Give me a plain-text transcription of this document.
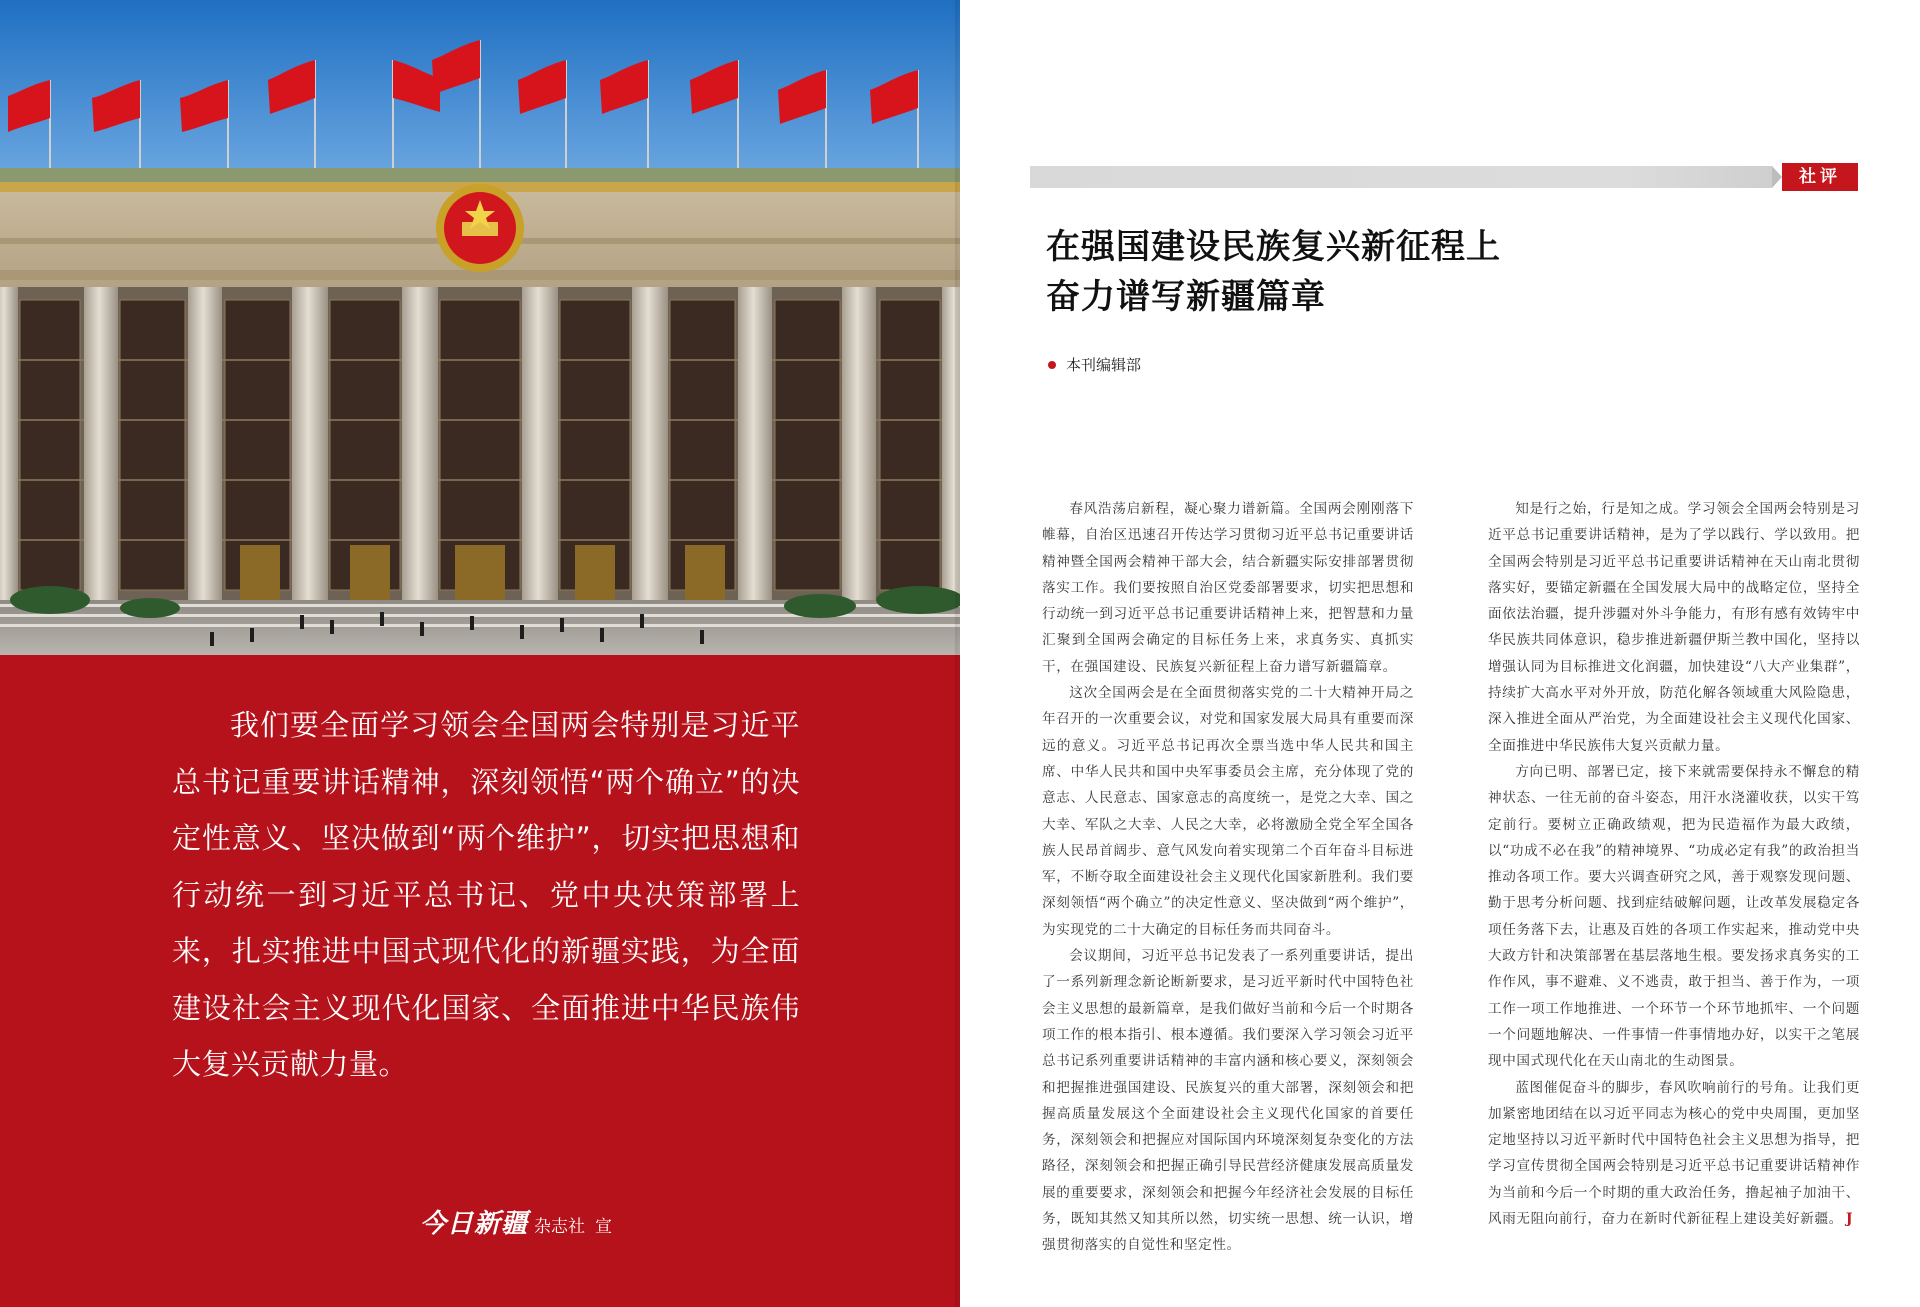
我们要全面学习领会全国两会特别是习近平总书记重要讲话精神，深刻领悟“两个确立”的决定性意义、坚决做到“两个维护”，切实把思想和行动统一到习近平总书记、党中央决策部署上来，扎实推进中国式现代化的新疆实践，为全面建设社会主义现代化国家、全面推进中华民族伟大复兴贡献力量。

今日新疆 杂志社 宣
社评
在强国建设民族复兴新征程上
奋力谱写新疆篇章
本刊编辑部

春风浩荡启新程，凝心聚力谱新篇。全国两会刚刚落下帷幕，自治区迅速召开传达学习贯彻习近平总书记重要讲话精神暨全国两会精神干部大会，结合新疆实际安排部署贯彻落实工作。我们要按照自治区党委部署要求，切实把思想和行动统一到习近平总书记重要讲话精神上来，把智慧和力量汇聚到全国两会确定的目标任务上来，求真务实、真抓实干，在强国建设、民族复兴新征程上奋力谱写新疆篇章。

这次全国两会是在全面贯彻落实党的二十大精神开局之年召开的一次重要会议，对党和国家发展大局具有重要而深远的意义。习近平总书记再次全票当选中华人民共和国主席、中华人民共和国中央军事委员会主席，充分体现了党的意志、人民意志、国家意志的高度统一，是党之大幸、国之大幸、军队之大幸、人民之大幸，必将激励全党全军全国各族人民昂首阔步、意气风发向着实现第二个百年奋斗目标进军，不断夺取全面建设社会主义现代化国家新胜利。我们要深刻领悟“两个确立”的决定性意义、坚决做到“两个维护”，为实现党的二十大确定的目标任务而共同奋斗。

会议期间，习近平总书记发表了一系列重要讲话，提出了一系列新理念新论断新要求，是习近平新时代中国特色社会主义思想的最新篇章，是我们做好当前和今后一个时期各项工作的根本指引、根本遵循。我们要深入学习领会习近平总书记系列重要讲话精神的丰富内涵和核心要义，深刻领会和把握推进强国建设、民族复兴的重大部署，深刻领会和把握高质量发展这个全面建设社会主义现代化国家的首要任务，深刻领会和把握应对国际国内环境深刻复杂变化的方法路径，深刻领会和把握正确引导民营经济健康发展高质量发展的重要要求，深刻领会和把握今年经济社会发展的目标任务，既知其然又知其所以然，切实统一思想、统一认识，增强贯彻落实的自觉性和坚定性。

知是行之始，行是知之成。学习领会全国两会特别是习近平总书记重要讲话精神，是为了学以践行、学以致用。把全国两会特别是习近平总书记重要讲话精神在天山南北贯彻落实好，要锚定新疆在全国发展大局中的战略定位，坚持全面依法治疆，提升涉疆对外斗争能力，有形有感有效铸牢中华民族共同体意识，稳步推进新疆伊斯兰教中国化，坚持以增强认同为目标推进文化润疆，加快建设“八大产业集群”，持续扩大高水平对外开放，防范化解各领域重大风险隐患，深入推进全面从严治党，为全面建设社会主义现代化国家、全面推进中华民族伟大复兴贡献力量。

方向已明、部署已定，接下来就需要保持永不懈怠的精神状态、一往无前的奋斗姿态，用汗水浇灌收获，以实干笃定前行。要树立正确政绩观，把为民造福作为最大政绩，以“功成不必在我”的精神境界、“功成必定有我”的政治担当推动各项工作。要大兴调查研究之风，善于观察发现问题、勤于思考分析问题、找到症结破解问题，让改革发展稳定各项任务落下去，让惠及百姓的各项工作实起来，推动党中央大政方针和决策部署在基层落地生根。要发扬求真务实的工作作风，事不避难、义不逃责，敢于担当、善于作为，一项工作一项工作地推进、一个环节一个环节地抓牢、一个问题一个问题地解决、一件事情一件事情地办好，以实干之笔展现中国式现代化在天山南北的生动图景。

蓝图催促奋斗的脚步，春风吹响前行的号角。让我们更加紧密地团结在以习近平同志为核心的党中央周围，更加坚定地坚持以习近平新时代中国特色社会主义思想为指导，把学习宣传贯彻全国两会特别是习近平总书记重要讲话精神作为当前和今后一个时期的重大政治任务，撸起袖子加油干、风雨无阻向前行，奋力在新时代新征程上建设美好新疆。 J
